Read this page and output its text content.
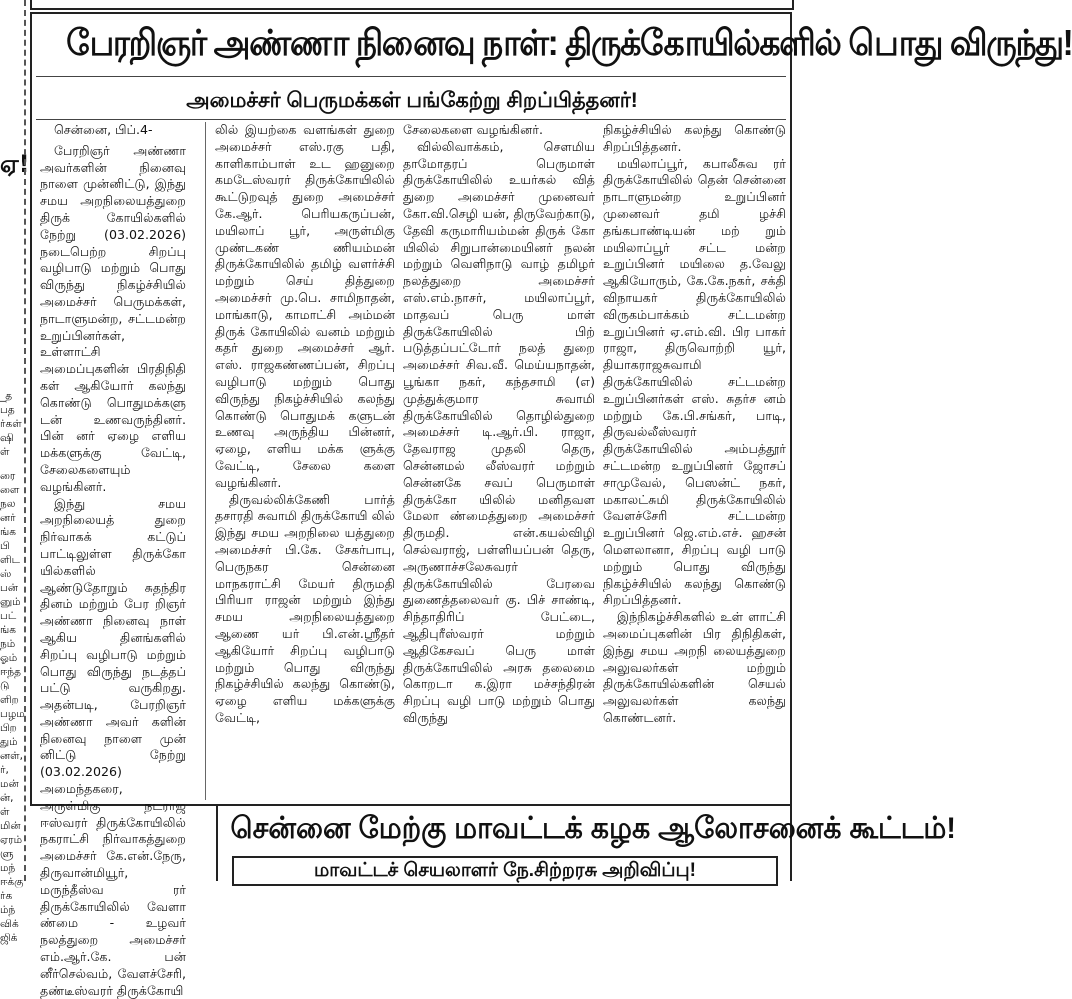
ஏ!
_த
பத
ர்கள்
ஷி
ள்
ரை
ளை
நல
னர்
ங்க
பி
ளிட
ஸ்
பன்
னும்
பட்
ங்க
நம்
ஓம்
ஈந்த
டு
ளிற
பழம
பிற
தும்
னள்,
ர்,
மன்
ன்,
ள்
மின்
ஏரம்
ளு
மந்
ஈக்கு
ர்க
ம்ந்
விக்
ஜிக்
பேரறிஞர் அண்ணா நினைவு நாள்: திருக்கோயில்களில் பொது விருந்து!
அமைச்சர் பெருமக்கள் பங்கேற்று சிறப்பித்தனர்!

சென்னை, பிப்.4-

பேரறிஞர் அண்ணா அவர்களின் நினைவு நாளை முன்னிட்டு, இந்து சமய அறநிலையத்துறை திருக் கோயில்களில் நேற்று (03.02.2026) நடைபெற்ற சிறப்பு வழிபாடு மற்றும் பொது விருந்து நிகழ்ச்சியில் அமைச்சர் பெருமக்கள், நாடாளுமன்ற, சட்டமன்ற உறுப்பினர்கள், உள்ளாட்சி அமைப்புகளின் பிரதிநிதி கள் ஆகியோர் கலந்து கொண்டு பொதுமக்களு டன் உணவருந்தினர். பின் னர் ஏழை எளிய மக்களுக்கு வேட்டி, சேலைகளையும் வழங்கினர்.

இந்து சமய அறநிலையத் துறை நிர்வாகக் கட்டுப் பாட்டிலுள்ள திருக்கோ யில்களில் ஆண்டுதோறும் சுதந்திர தினம் மற்றும் பேர றிஞர் அண்ணா நினைவு நாள் ஆகிய தினங்களில் சிறப்பு வழிபாடு மற்றும் பொது விருந்து நடத்தப் பட்டு வருகிறது. அதன்படி, பேரறிஞர் அண்ணா அவர் களின் நினைவு நாளை முன் னிட்டு நேற்று (03.02.2026) அமைந்தகரை, அருள்மிகு நடராஜ ஈஸ்வரர் திருக்கோயிலில் நகராட்சி நிர்வாகத்துறை அமைச்சர் கே.என்.நேரு, திருவான்மியூர், மருந்தீஸ்வ ரர் திருக்கோயிலில் வேளா ண்மை - உழவர் நலத்துறை அமைச்சர் எம்.ஆர்.கே. பன் னீர்செல்வம், வேளச்சேரி, தண்டீஸ்வரர் திருக்கோயி

லில் இயற்கை வளங்கள் துறை அமைச்சர் எஸ்.ரகு பதி, காளிகாம்பாள் உட ஹனுறை கமடேஸ்வரர் திருக்கோயிலில் கூட்டுறவுத் துறை அமைச்சர் கே.ஆர். பெரியகருப்பன், மயிலாப் பூர், அருள்மிகு முண்டகண் ணியம்மன் திருக்கோயிலில் தமிழ் வளர்ச்சி மற்றும் செய் தித்துறை அமைச்சர் மு.பெ. சாமிநாதன், மாங்காடு, காமாட்சி அம்மன் திருக் கோயிலில் வனம் மற்றும் கதர் துறை அமைச்சர் ஆர். எஸ். ராஜகண்ணப்பன், சிறப்பு வழிபாடு மற்றும் பொது விருந்து நிகழ்ச்சியில் கலந்து கொண்டு பொதுமக் களுடன் உணவு அருந்திய பின்னர், ஏழை, எளிய மக்க ளுக்கு வேட்டி, சேலை களை வழங்கினர்.

திருவல்லிக்கேணி பார்த் தசாரதி சுவாமி திருக்கோயி லில் இந்து சமய அறநிலை யத்துறை அமைச்சர் பி.கே. சேகர்பாபு, பெருநகர சென்னை மாநகராட்சி மேயர் திருமதி பிரியா ராஜன் மற்றும் இந்து சமய அறநிலையத்துறை ஆணை யர் பி.என்.ஸ்ரீதர் ஆகியோர் சிறப்பு வழிபாடு மற்றும் பொது விருந்து நிகழ்ச்சியில் கலந்து கொண்டு, ஏழை எளிய மக்களுக்கு வேட்டி,

சேலைகளை வழங்கினர்.

வில்லிவாக்கம், சௌமிய தாமோதரப் பெருமாள் திருக்கோயிலில் உயர்கல் வித் துறை அமைச்சர் முனைவர் கோ.வி.செழி யன், திருவேற்காடு, தேவி கருமாரியம்மன் திருக் கோ யிலில் சிறுபான்மையினர் நலன் மற்றும் வெளிநாடு வாழ் தமிழர் நலத்துறை அமைச்சர் எஸ்.எம்.நாசர், மயிலாப்பூர், மாதவப் பெரு மாள் திருக்கோயிலில் பிற் படுத்தப்பட்டோர் நலத் துறை அமைச்சர் சிவ.வீ. மெய்யநாதன், பூங்கா நகர், கந்தசாமி (எ) முத்துக்குமார சுவாமி திருக்கோயிலில் தொழில்துறை அமைச்சர் டி.ஆர்.பி. ராஜா, தேவராஜ முதலி தெரு, சென்னமல் லீஸ்வரர் மற்றும் சென்னகே சவப் பெருமாள் திருக்கோ யிலில் மனிதவள மேலா ண்மைத்துறை அமைச்சர் திருமதி. என்.கயல்விழி செல்வராஜ், பள்ளியப்பன் தெரு, அருணாச்சலேசுவரர் திருக்கோயிலில் பேரவை துணைத்தலைவர் கு. பிச் சாண்டி, சிந்தாதிரிப் பேட்டை, ஆதிபுரீஸ்வரர் மற்றும் ஆதிகேசவப் பெரு மாள் திருக்கோயிலில் அரசு தலைமை கொறடா க.இரா மச்சந்திரன் சிறப்பு வழி பாடு மற்றும் பொது விருந்து

நிகழ்ச்சியில் கலந்து கொண்டு சிறப்பித்தனர்.

மயிலாப்பூர், கபாலீசுவ ரர் திருக்கோயிலில் தென் சென்னை நாடாளுமன்ற உறுப்பினர் முனைவர் தமி ழச்சி தங்கபாண்டியன் மற் றும் மயிலாப்பூர் சட்ட மன்ற உறுப்பினர் மயிலை த.வேலு ஆகியோரும், கே.கே.நகர், சக்தி விநாயகர் திருக்கோயிலில் விருகம்பாக்கம் சட்டமன்ற உறுப்பினர் ஏ.எம்.வி. பிர பாகர் ராஜா, திருவொற்றி யூர், தியாகராஜசுவாமி திருக்கோயிலில் சட்டமன்ற உறுப்பினர்கள் எஸ். சுதர்ச னம் மற்றும் கே.பி.சங்கர், பாடி, திருவல்லீஸ்வரர் திருக்கோயிலில் அம்பத்தூர் சட்டமன்ற உறுப்பினர் ஜோசப் சாமுவேல், பெஸன்ட் நகர், மகாலட்சுமி திருக்கோயிலில் வேளச்சேரி சட்டமன்ற உறுப்பினர் ஜெ.எம்.எச். ஹசன் மௌலானா, சிறப்பு வழி பாடு மற்றும் பொது விருந்து நிகழ்ச்சியில் கலந்து கொண்டு சிறப்பித்தனர்.

இந்நிகழ்ச்சிகளில் உள் ளாட்சி அமைப்புகளின் பிர திநிதிகள், இந்து சமய அறநி லையத்துறை அலுவலர்கள் மற்றும் திருக்கோயில்களின் செயல் அலுவலர்கள் கலந்து கொண்டனர்.

சென்னை மேற்கு மாவட்டக் கழக ஆலோசனைக் கூட்டம்!
மாவட்டச் செயலாளர் நே.சிற்றரசு அறிவிப்பு!
